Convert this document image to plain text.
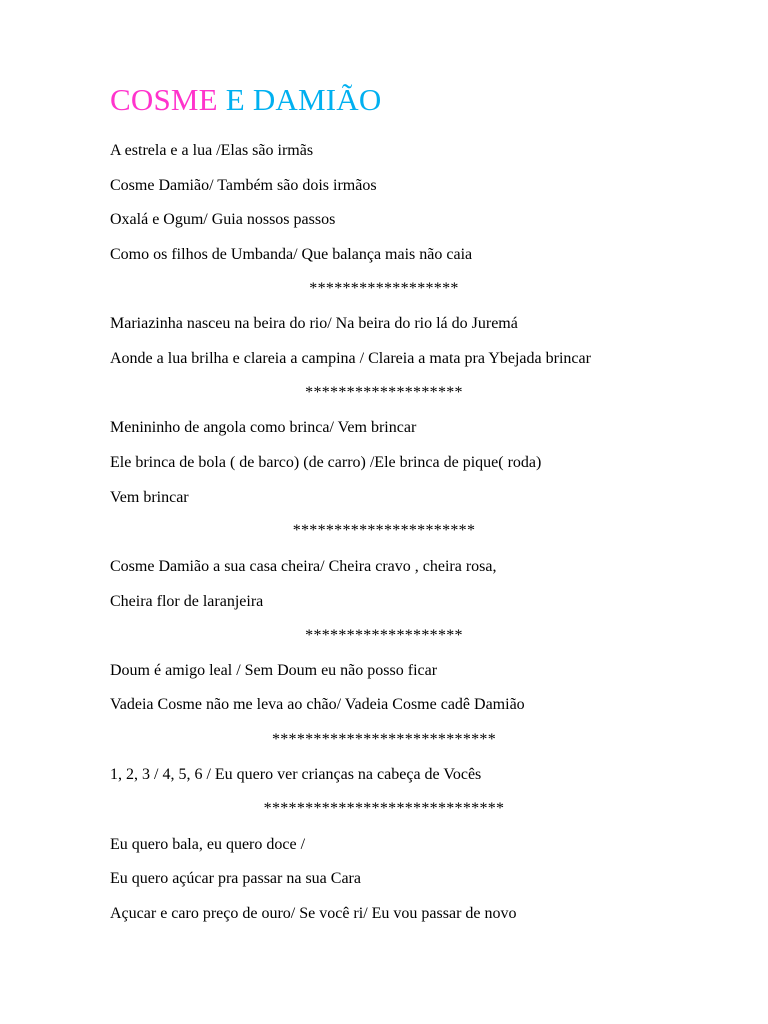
COSME E DAMIÃO

A estrela e a lua /Elas são irmãs

Cosme Damião/ Também são dois irmãos

Oxalá e Ogum/ Guia nossos passos

Como os filhos de Umbanda/ Que balança mais não caia

******************

Mariazinha nasceu na beira do rio/ Na beira do rio lá do Juremá

Aonde a lua brilha e clareia a campina / Clareia a mata pra Ybejada brincar

*******************

Menininho de angola como brinca/ Vem brincar

Ele brinca de bola ( de barco) (de carro) /Ele brinca de pique( roda)

Vem brincar

**********************

Cosme Damião a sua casa cheira/ Cheira cravo , cheira rosa,

Cheira flor de laranjeira

*******************

Doum é amigo leal / Sem Doum eu não posso ficar

Vadeia Cosme não me leva ao chão/ Vadeia Cosme cadê Damião

***************************

1, 2, 3 / 4, 5, 6 / Eu quero ver crianças na cabeça de Vocês

*****************************

Eu quero bala, eu quero doce /

Eu quero açúcar pra passar na sua Cara

Açucar e caro preço de ouro/ Se você ri/ Eu vou passar de novo
